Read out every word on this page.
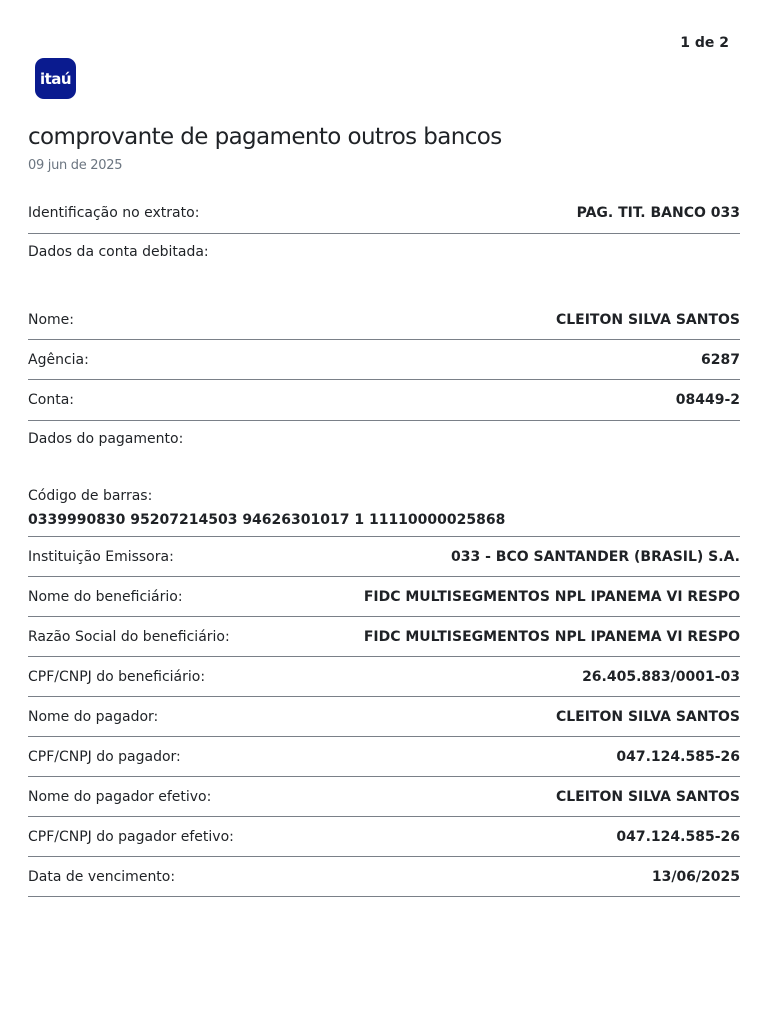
1 de 2
itaú
comprovante de pagamento outros bancos
09 jun de 2025
Identificação no extrato:	PAG. TIT. BANCO 033
Dados da conta debitada:
Nome:	CLEITON SILVA SANTOS
Agência:	6287
Conta:	08449-2
Dados do pagamento:
Código de barras:
0339990830 95207214503 94626301017 1 11110000025868
Instituição Emissora:	033 - BCO SANTANDER (BRASIL) S.A.
Nome do beneficiário:	FIDC MULTISEGMENTOS NPL IPANEMA VI RESPO
Razão Social do beneficiário:	FIDC MULTISEGMENTOS NPL IPANEMA VI RESPO
CPF/CNPJ do beneficiário:	26.405.883/0001-03
Nome do pagador:	CLEITON SILVA SANTOS
CPF/CNPJ do pagador:	047.124.585-26
Nome do pagador efetivo:	CLEITON SILVA SANTOS
CPF/CNPJ do pagador efetivo:	047.124.585-26
Data de vencimento:	13/06/2025
